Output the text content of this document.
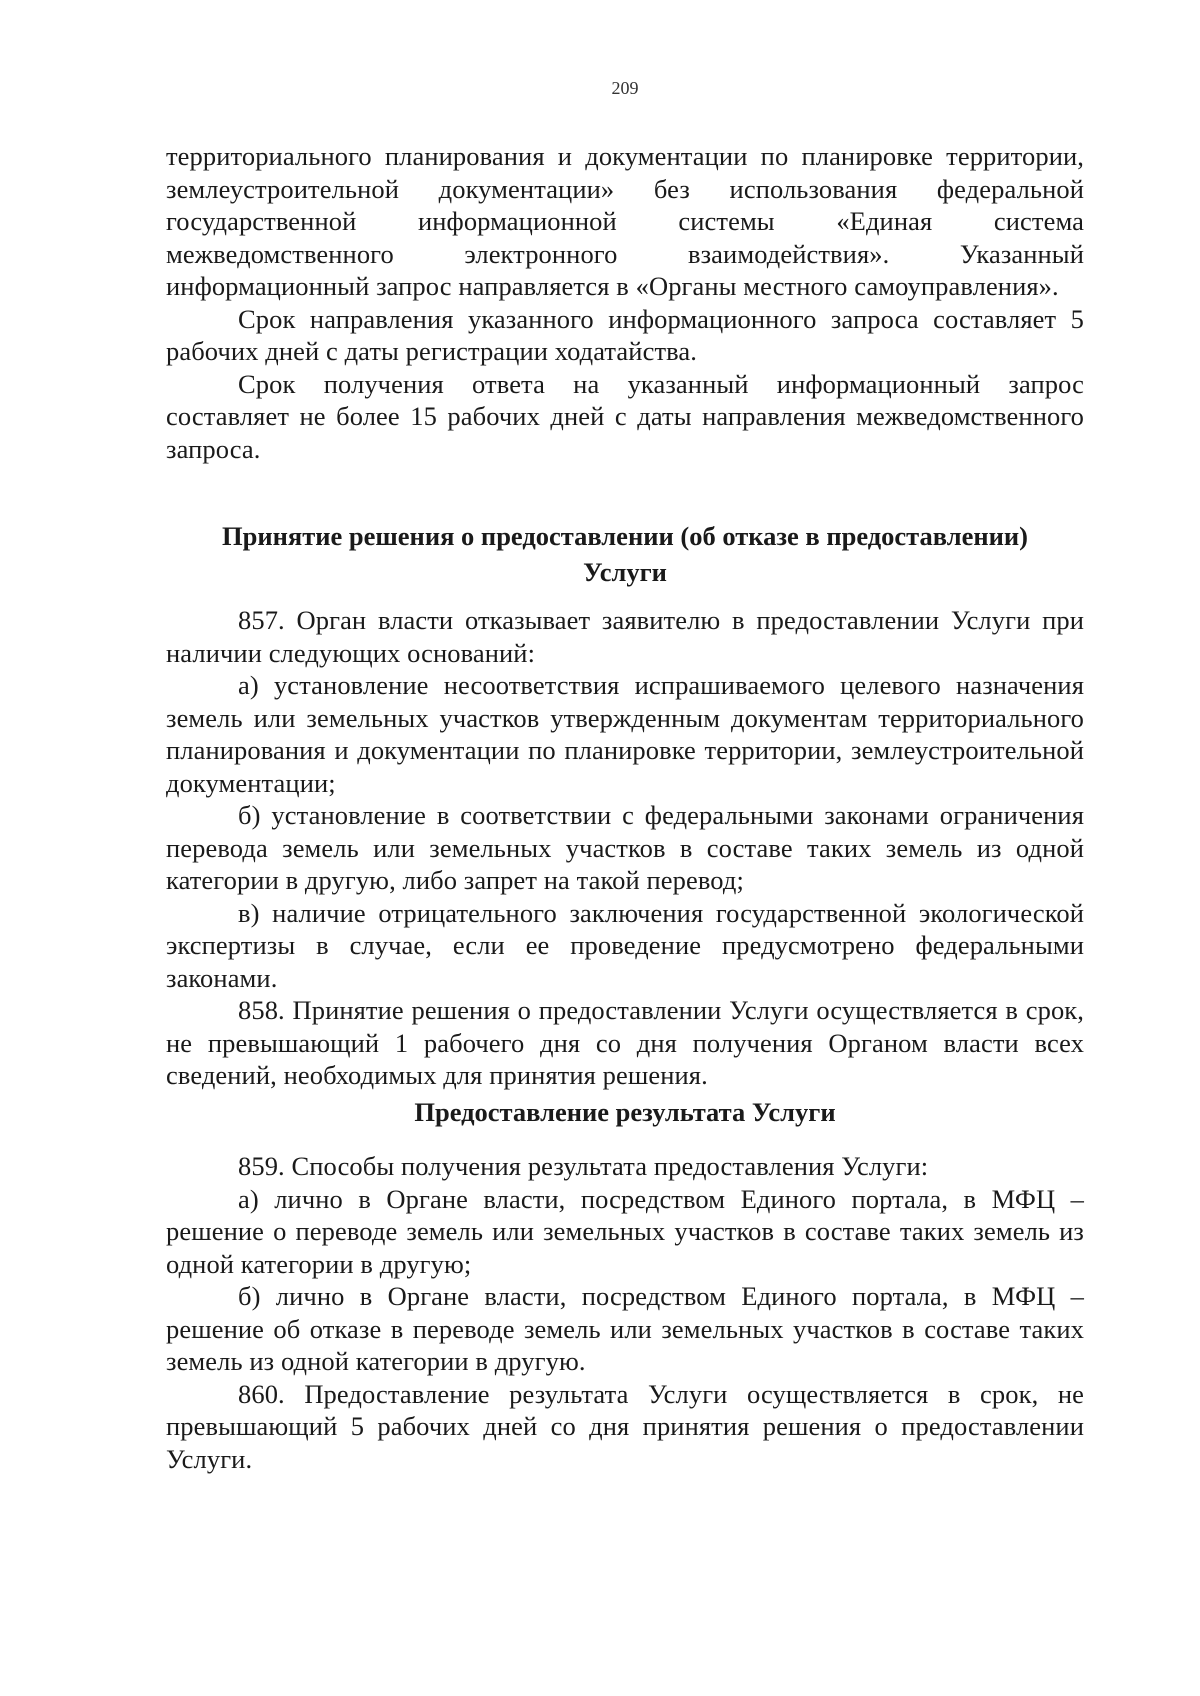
209

территориального планирования и документации по планировке территории, землеустроительной документации» без использования федеральной государственной информационной системы «Единая система межведомственного электронного взаимодействия». Указанный информационный запрос направляется в «Органы местного самоуправления».

Срок направления указанного информационного запроса составляет 5 рабочих дней с даты регистрации ходатайства.

Срок получения ответа на указанный информационный запрос составляет не более 15 рабочих дней с даты направления межведомственного запроса.

Принятие решения о предоставлении (об отказе в предоставлении)

Услуги

857. Орган власти отказывает заявителю в предоставлении Услуги при наличии следующих оснований:

а) установление несоответствия испрашиваемого целевого назначения земель или земельных участков утвержденным документам территориального планирования и документации по планировке территории, землеустроительной документации;

б) установление в соответствии с федеральными законами ограничения перевода земель или земельных участков в составе таких земель из одной категории в другую, либо запрет на такой перевод;

в) наличие отрицательного заключения государственной экологической экспертизы в случае, если ее проведение предусмотрено федеральными законами.

858. Принятие решения о предоставлении Услуги осуществляется в срок, не превышающий 1 рабочего дня со дня получения Органом власти всех сведений, необходимых для принятия решения.

Предоставление результата Услуги

859. Способы получения результата предоставления Услуги:

а) лично в Органе власти, посредством Единого портала, в МФЦ – решение о переводе земель или земельных участков в составе таких земель из одной категории в другую;

б) лично в Органе власти, посредством Единого портала, в МФЦ – решение об отказе в переводе земель или земельных участков в составе таких земель из одной категории в другую.

860. Предоставление результата Услуги осуществляется в срок, не превышающий 5 рабочих дней со дня принятия решения о предоставлении Услуги.
